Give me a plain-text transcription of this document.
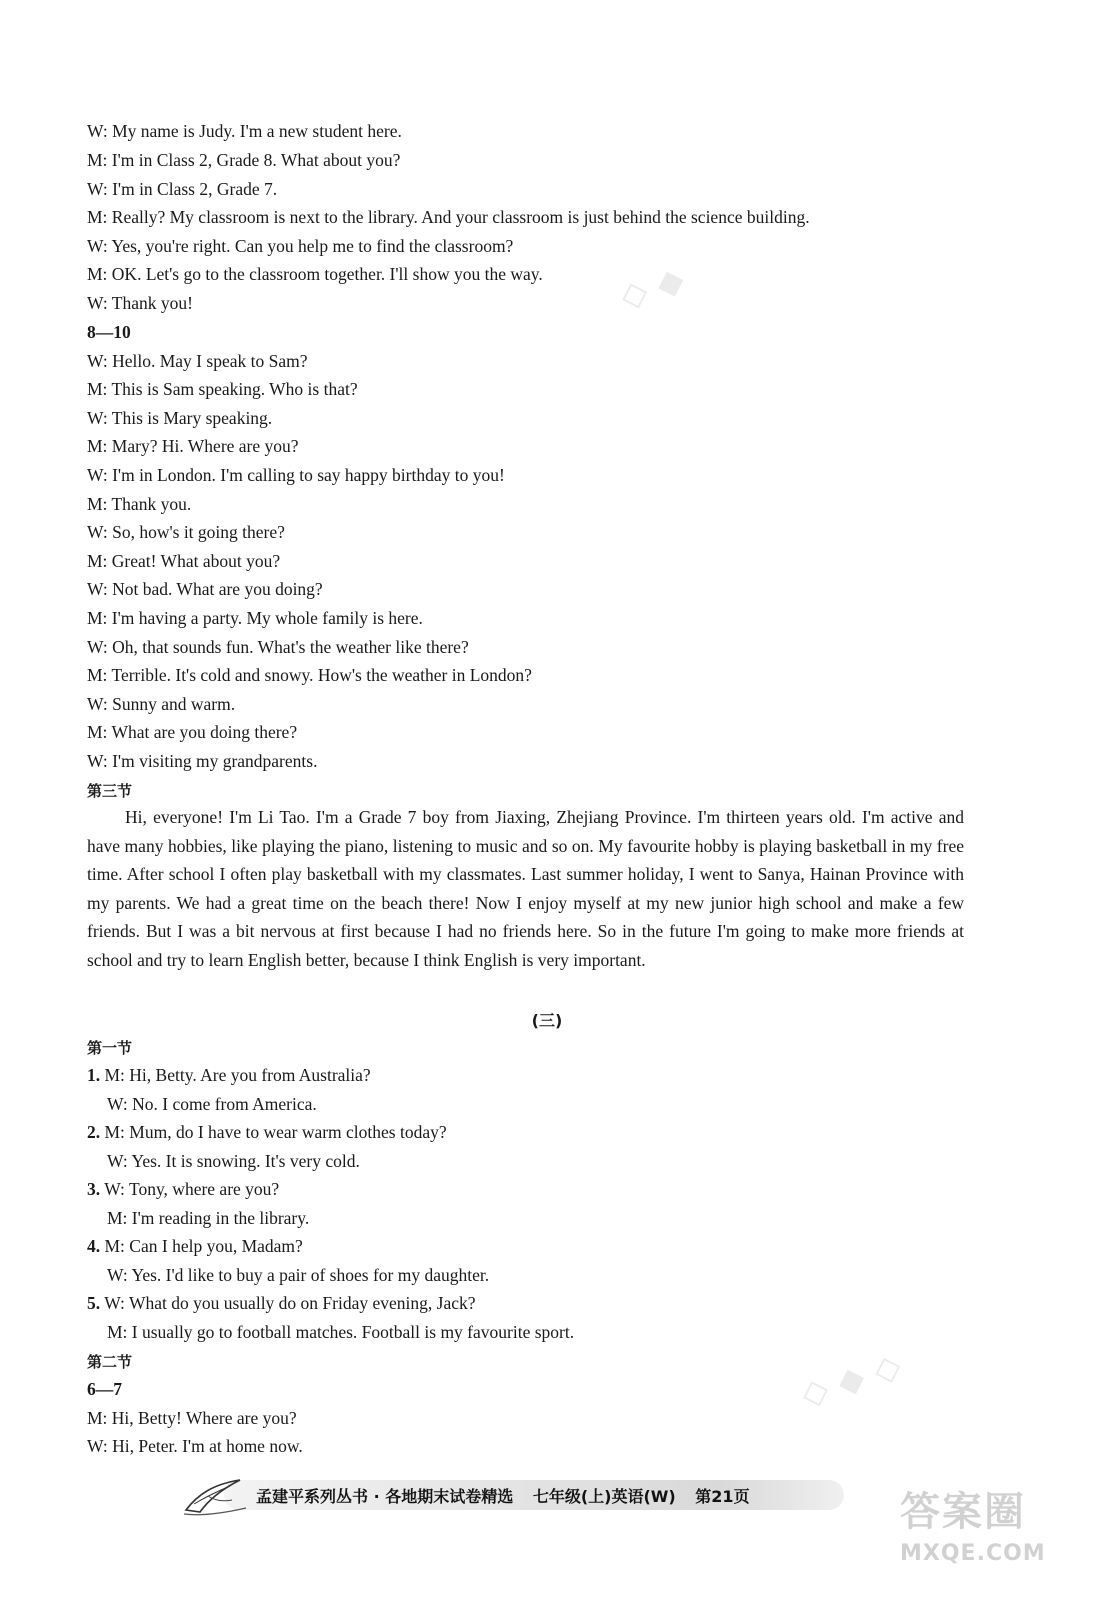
W: My name is Judy. I'm a new student here.
M: I'm in Class 2, Grade 8. What about you?
W: I'm in Class 2, Grade 7.
M: Really? My classroom is next to the library. And your classroom is just behind the science building.
W: Yes, you're right. Can you help me to find the classroom?
M: OK. Let's go to the classroom together. I'll show you the way.
W: Thank you!
8—10
W: Hello. May I speak to Sam?
M: This is Sam speaking. Who is that?
W: This is Mary speaking.
M: Mary? Hi. Where are you?
W: I'm in London. I'm calling to say happy birthday to you!
M: Thank you.
W: So, how's it going there?
M: Great! What about you?
W: Not bad. What are you doing?
M: I'm having a party. My whole family is here.
W: Oh, that sounds fun. What's the weather like there?
M: Terrible. It's cold and snowy. How's the weather in London?
W: Sunny and warm.
M: What are you doing there?
W: I'm visiting my grandparents.
第三节
Hi, everyone! I'm Li Tao. I'm a Grade 7 boy from Jiaxing, Zhejiang Province. I'm thirteen years old. I'm active and have many hobbies, like playing the piano, listening to music and so on. My favourite hobby is playing basketball in my free time. After school I often play basketball with my classmates. Last summer holiday, I went to Sanya, Hainan Province with my parents. We had a great time on the beach there! Now I enjoy myself at my new junior high school and make a few friends. But I was a bit nervous at first because I had no friends here. So in the future I'm going to make more friends at school and try to learn English better, because I think English is very important.
(三)
第一节
1. M: Hi, Betty. Are you from Australia?
W: No. I come from America.
2. M: Mum, do I have to wear warm clothes today?
W: Yes. It is snowing. It's very cold.
3. W: Tony, where are you?
M: I'm reading in the library.
4. M: Can I help you, Madam?
W: Yes. I'd like to buy a pair of shoes for my daughter.
5. W: What do you usually do on Friday evening, Jack?
M: I usually go to football matches. Football is my favourite sport.
第二节
6—7
M: Hi, Betty! Where are you?
W: Hi, Peter. I'm at home now.
孟建平系列丛书 · 各地期末试卷精选 七年级(上)英语(W) 第21页
◇ ◆
◇ ◆ ◇
答案圈
MXQE.COM
